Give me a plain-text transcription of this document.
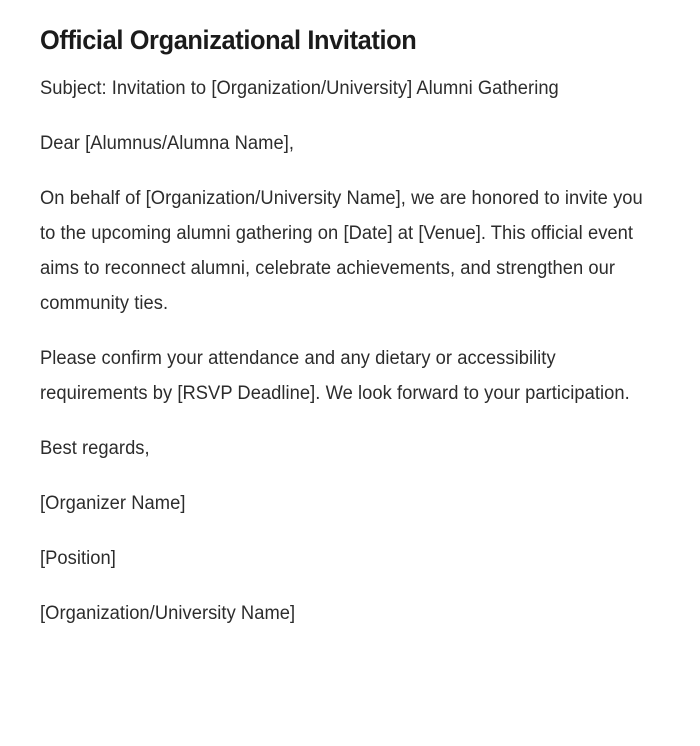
Official Organizational Invitation

Subject: Invitation to [Organization/University] Alumni Gathering

Dear [Alumnus/Alumna Name],

On behalf of [Organization/University Name], we are honored to invite you to the upcoming alumni gathering on [Date] at [Venue]. This official event aims to reconnect alumni, celebrate achievements, and strengthen our community ties.

Please confirm your attendance and any dietary or accessibility requirements by [RSVP Deadline]. We look forward to your participation.

Best regards,

[Organizer Name]

[Position]

[Organization/University Name]
